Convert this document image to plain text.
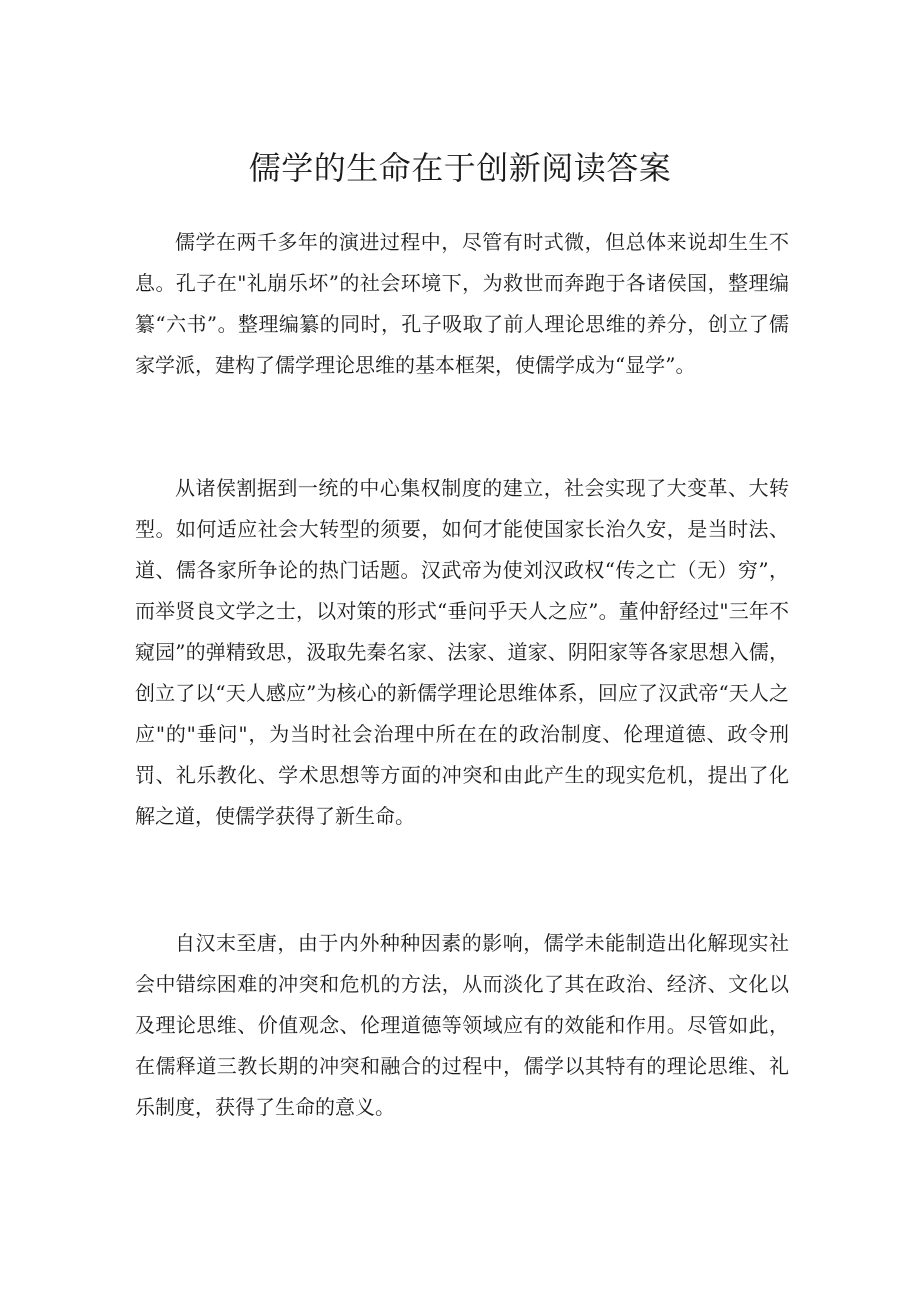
儒学的生命在于创新阅读答案

儒学在两千多年的演进过程中，尽管有时式微，但总体来说却生生不息。孔子在"礼崩乐坏”的社会环境下，为救世而奔跑于各诸侯国，整理编纂“六书”。整理编纂的同时，孔子吸取了前人理论思维的养分，创立了儒家学派，建构了儒学理论思维的基本框架，使儒学成为“显学”。

从诸侯割据到一统的中心集权制度的建立，社会实现了大变革、大转型。如何适应社会大转型的须要，如何才能使国家长治久安，是当时法、道、儒各家所争论的热门话题。汉武帝为使刘汉政权“传之亡（无）穷”，而举贤良文学之士，以对策的形式“垂问乎天人之应”。董仲舒经过"三年不窥园”的弹精致思，汲取先秦名家、法家、道家、阴阳家等各家思想入儒，创立了以“天人感应”为核心的新儒学理论思维体系，回应了汉武帝“天人之应"的"垂问"，为当时社会治理中所在在的政治制度、伦理道德、政令刑罚、礼乐教化、学术思想等方面的冲突和由此产生的现实危机，提出了化解之道，使儒学获得了新生命。

自汉末至唐，由于内外种种因素的影响，儒学未能制造出化解现实社会中错综困难的冲突和危机的方法，从而淡化了其在政治、经济、文化以及理论思维、价值观念、伦理道德等领域应有的效能和作用。尽管如此，在儒释道三教长期的冲突和融合的过程中，儒学以其特有的理论思维、礼乐制度，获得了生命的意义。
